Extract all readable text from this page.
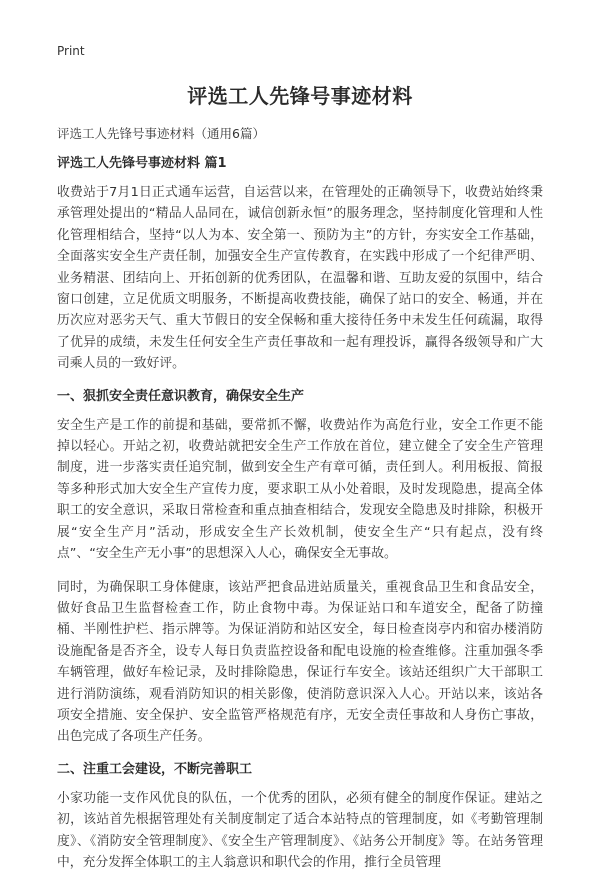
Print
评选工人先锋号事迹材料
评选工人先锋号事迹材料（通用6篇）
评选工人先锋号事迹材料 篇1

收费站于7月1日正式通车运营，自运营以来，在管理处的正确领导下，收费站始终秉承管理处提出的“精品人品同在，诚信创新永恒”的服务理念，坚持制度化管理和人性化管理相结合，坚持“以人为本、安全第一、预防为主”的方针，夯实安全工作基础，全面落实安全生产责任制，加强安全生产宣传教育，在实践中形成了一个纪律严明、业务精湛、团结向上、开拓创新的优秀团队，在温馨和谐、互助友爱的氛围中，结合窗口创建，立足优质文明服务，不断提高收费技能，确保了站口的安全、畅通，并在历次应对恶劣天气、重大节假日的安全保畅和重大接待任务中未发生任何疏漏，取得了优异的成绩，未发生任何安全生产责任事故和一起有理投诉，赢得各级领导和广大司乘人员的一致好评。

一、狠抓安全责任意识教育，确保安全生产

安全生产是工作的前提和基础，要常抓不懈，收费站作为高危行业，安全工作更不能掉以轻心。开站之初，收费站就把安全生产工作放在首位，建立健全了安全生产管理制度，进一步落实责任追究制，做到安全生产有章可循，责任到人。利用板报、简报等多种形式加大安全生产宣传力度，要求职工从小处着眼，及时发现隐患，提高全体职工的安全意识，采取日常检查和重点抽查相结合，发现安全隐患及时排除，积极开展“安全生产月”活动，形成安全生产长效机制，使安全生产“只有起点，没有终点”、“安全生产无小事”的思想深入人心，确保安全无事故。

同时，为确保职工身体健康，该站严把食品进站质量关，重视食品卫生和食品安全，做好食品卫生监督检查工作，防止食物中毒。为保证站口和车道安全，配备了防撞桶、半刚性护栏、指示牌等。为保证消防和站区安全，每日检查岗亭内和宿办楼消防设施配备是否齐全，设专人每日负责监控设备和配电设施的检查维修。注重加强冬季车辆管理，做好车检记录，及时排除隐患，保证行车安全。该站还组织广大干部职工进行消防演练，观看消防知识的相关影像，使消防意识深入人心。开站以来，该站各项安全措施、安全保护、安全监管严格规范有序，无安全责任事故和人身伤亡事故，出色完成了各项生产任务。

二、注重工会建设，不断完善职工

小家功能一支作风优良的队伍，一个优秀的团队，必须有健全的制度作保证。建站之初，该站首先根据管理处有关制度制定了适合本站特点的管理制度，如《考勤管理制度》、《消防安全管理制度》、《安全生产管理制度》、《站务公开制度》等。在站务管理中，充分发挥全体职工的主人翁意识和职代会的作用，推行全员管理
